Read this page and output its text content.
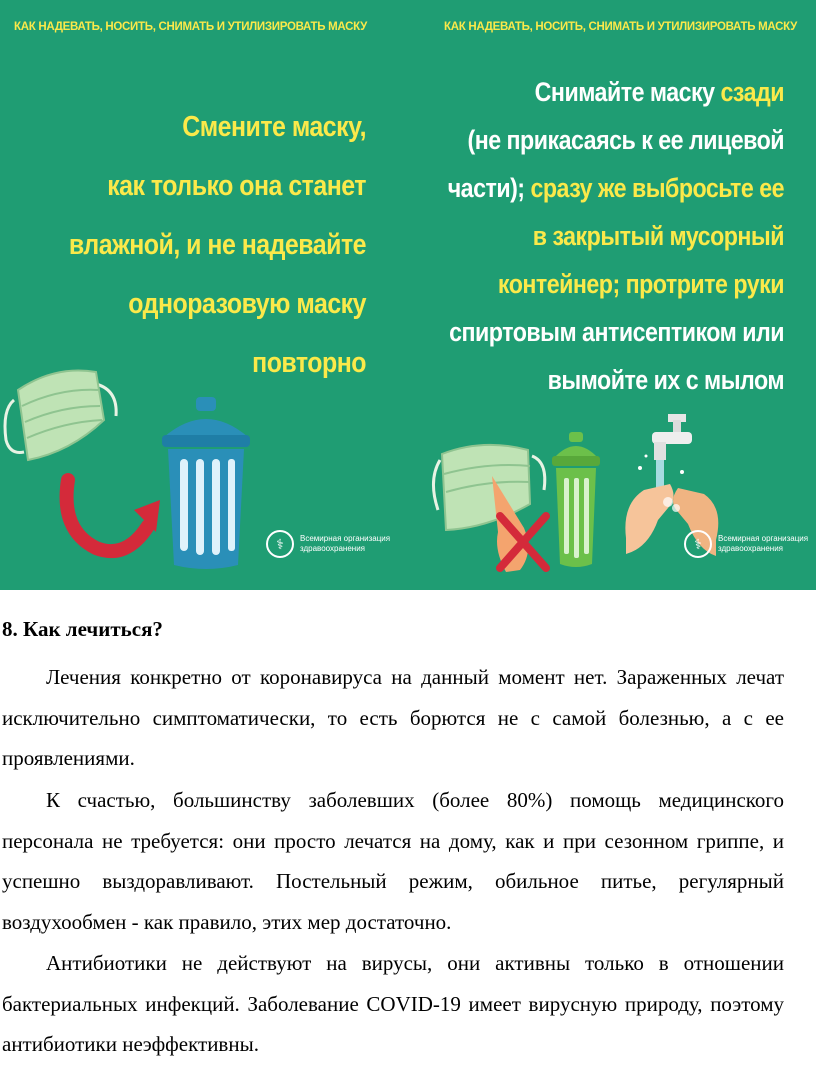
КАК НАДЕВАТЬ, НОСИТЬ, СНИМАТЬ И УТИЛИЗИРОВАТЬ МАСКУ
Смените маску,
как только она станет
влажной, и не надевайте
одноразовую маску
повторно
⚕	Всемирная организация
здравоохранения
КАК НАДЕВАТЬ, НОСИТЬ, СНИМАТЬ И УТИЛИЗИРОВАТЬ МАСКУ
Снимайте маску сзади
(не прикасаясь к ее лицевой
части); сразу же выбросьте ее
в закрытый мусорный
контейнер; протрите руки
спиртовым антисептиком или
вымойте их с мылом
⚕	Всемирная организация
здравоохранения
8. Как лечиться?

Лечения конкретно от коронавируса на данный момент нет. Зараженных лечат исключительно симптоматически, то есть борются не с самой болезнью, а с ее проявлениями.

К счастью, большинству заболевших (более 80%) помощь медицинского персонала не требуется: они просто лечатся на дому, как и при сезонном гриппе, и успешно выздоравливают. Постельный режим, обильное питье, регулярный воздухообмен - как правило, этих мер достаточно.

Антибиотики не действуют на вирусы, они активны только в отношении бактериальных инфекций. Заболевание COVID-19 имеет вирусную природу, поэтому антибиотики неэффективны.
